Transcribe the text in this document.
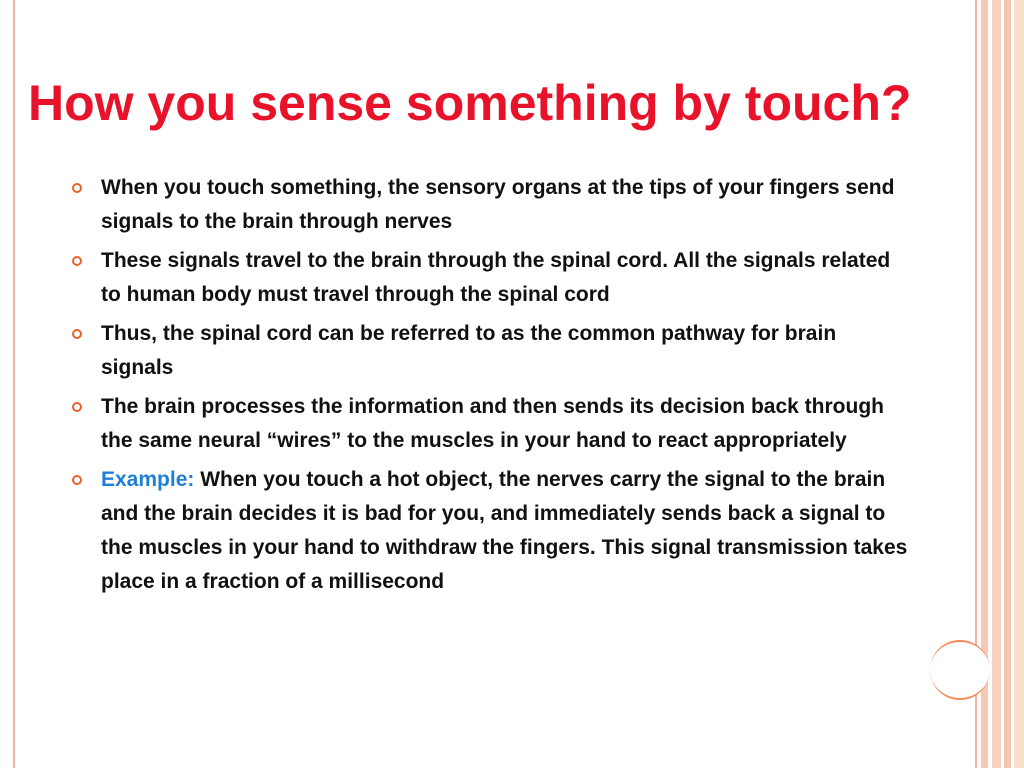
How you sense something by touch?
When you touch something, the sensory organs at the tips of your fingers send signals to the brain through nerves
These signals travel to the brain through the spinal cord. All the signals related to human body must travel through the spinal cord
Thus, the spinal cord can be referred to as the common pathway for brain signals
The brain processes the information and then sends its decision back through the same neural “wires” to the muscles in your hand to react appropriately
Example: When you touch a hot object, the nerves carry the signal to the brain and the brain decides it is bad for you, and immediately sends back a signal to the muscles in your hand to withdraw the fingers. This signal transmission takes place in a fraction of a millisecond
